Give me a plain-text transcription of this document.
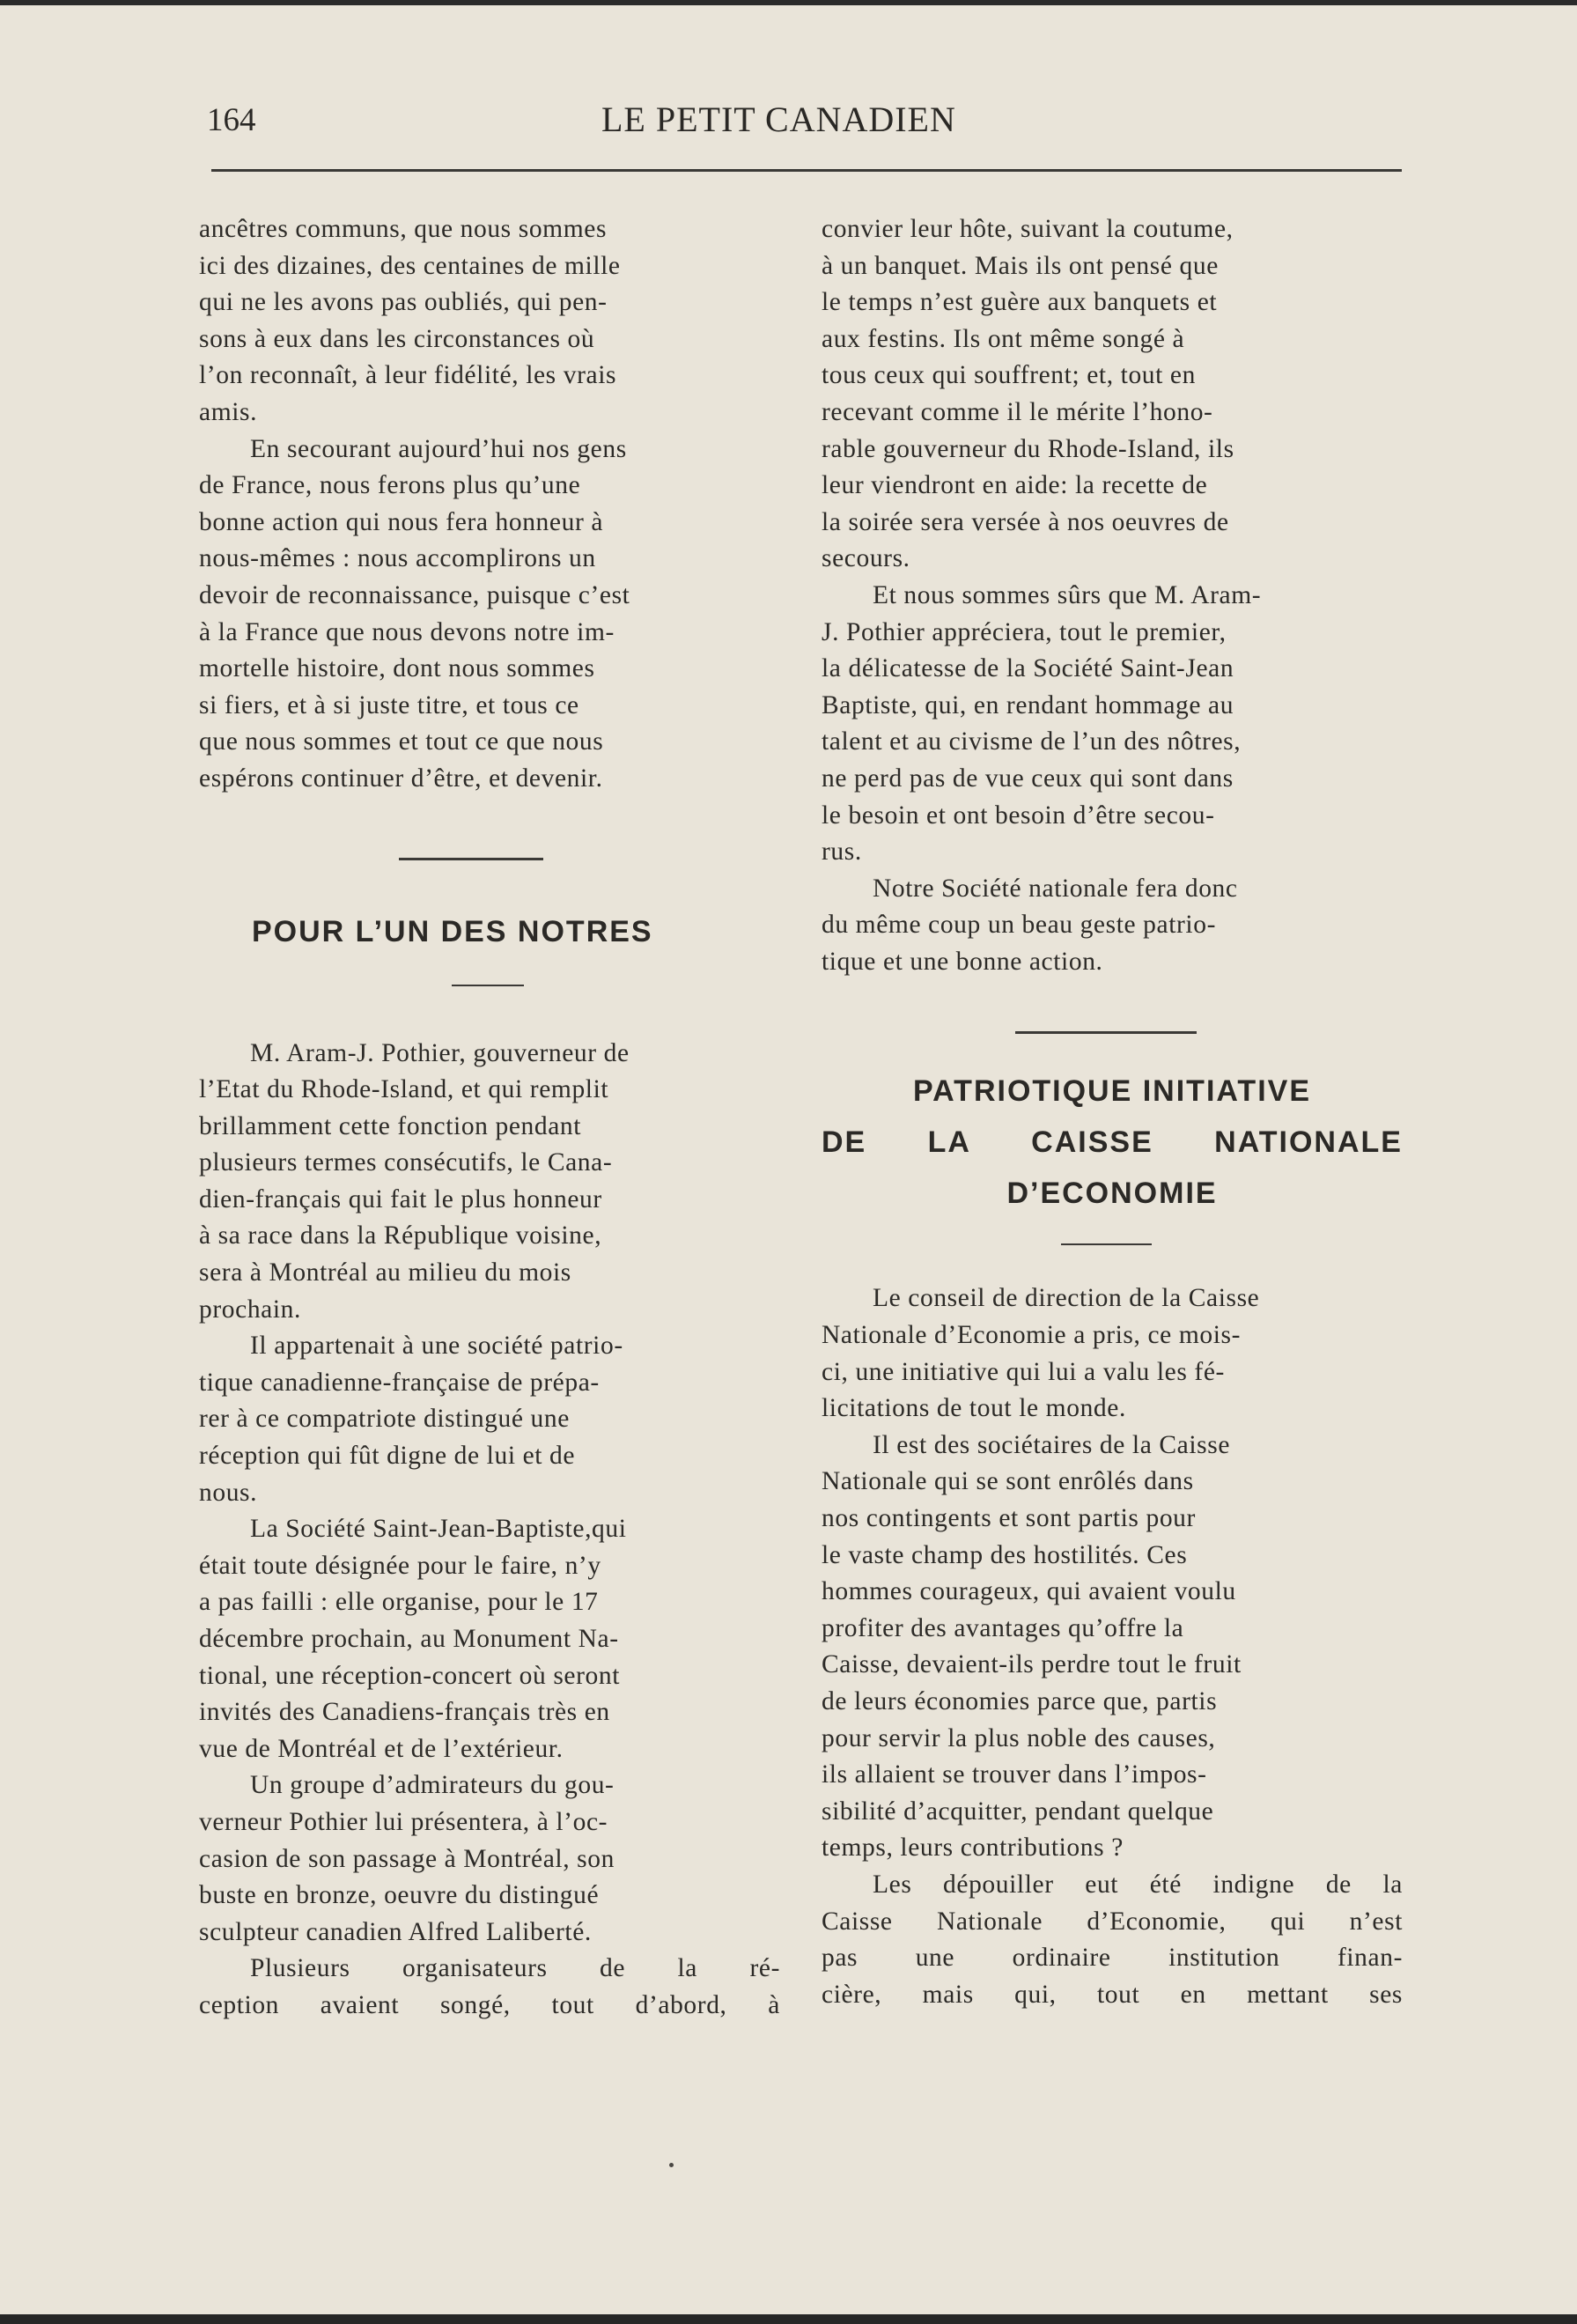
164	LE PETIT CANADIEN

ancêtres communs, que nous sommes
ici des dizaines, des centaines de mille
qui ne les avons pas oubliés, qui pen-
sons à eux dans les circonstances où
l’on reconnaît, à leur fidélité, les vrais
amis.

En secourant aujourd’hui nos gens
de France, nous ferons plus qu’une
bonne action qui nous fera honneur à
nous-mêmes : nous accomplirons un
devoir de reconnaissance, puisque c’est
à la France que nous devons notre im-
mortelle histoire, dont nous sommes
si fiers, et à si juste titre, et tous ce
que nous sommes et tout ce que nous
espérons continuer d’être, et devenir.

POUR L’UN DES NOTRES

M. Aram-J. Pothier, gouverneur de
l’Etat du Rhode-Island, et qui remplit
brillamment cette fonction pendant
plusieurs termes consécutifs, le Cana-
dien-français qui fait le plus honneur
à sa race dans la République voisine,
sera à Montréal au milieu du mois
prochain.

Il appartenait à une société patrio-
tique canadienne-française de prépa-
rer à ce compatriote distingué une
réception qui fût digne de lui et de
nous.

La Société Saint-Jean-Baptiste,qui
était toute désignée pour le faire, n’y
a pas failli : elle organise, pour le 17
décembre prochain, au Monument Na-
tional, une réception-concert où seront
invités des Canadiens-français très en
vue de Montréal et de l’extérieur.

Un groupe d’admirateurs du gou-
verneur Pothier lui présentera, à l’oc-
casion de son passage à Montréal, son
buste en bronze, oeuvre du distingué
sculpteur canadien Alfred Laliberté.

Plusieurs organisateurs de la ré-
ception avaient songé, tout d’abord, à

convier leur hôte, suivant la coutume,
à un banquet. Mais ils ont pensé que
le temps n’est guère aux banquets et
aux festins. Ils ont même songé à
tous ceux qui souffrent; et, tout en
recevant comme il le mérite l’hono-
rable gouverneur du Rhode-Island, ils
leur viendront en aide: la recette de
la soirée sera versée à nos oeuvres de
secours.

Et nous sommes sûrs que M. Aram-
J. Pothier appréciera, tout le premier,
la délicatesse de la Société Saint-Jean
Baptiste, qui, en rendant hommage au
talent et au civisme de l’un des nôtres,
ne perd pas de vue ceux qui sont dans
le besoin et ont besoin d’être secou-
rus.

Notre Société nationale fera donc
du même coup un beau geste patrio-
tique et une bonne action.

PATRIOTIQUE INITIATIVE
DE LA CAISSE NATIONALE
D’ECONOMIE

Le conseil de direction de la Caisse
Nationale d’Economie a pris, ce mois-
ci, une initiative qui lui a valu les fé-
licitations de tout le monde.

Il est des sociétaires de la Caisse
Nationale qui se sont enrôlés dans
nos contingents et sont partis pour
le vaste champ des hostilités. Ces
hommes courageux, qui avaient voulu
profiter des avantages qu’offre la
Caisse, devaient-ils perdre tout le fruit
de leurs économies parce que, partis
pour servir la plus noble des causes,
ils allaient se trouver dans l’impos-
sibilité d’acquitter, pendant quelque
temps, leurs contributions ?

Les dépouiller eut été indigne de la
Caisse Nationale d’Economie, qui n’est
pas une ordinaire institution finan-
cière, mais qui, tout en mettant ses
